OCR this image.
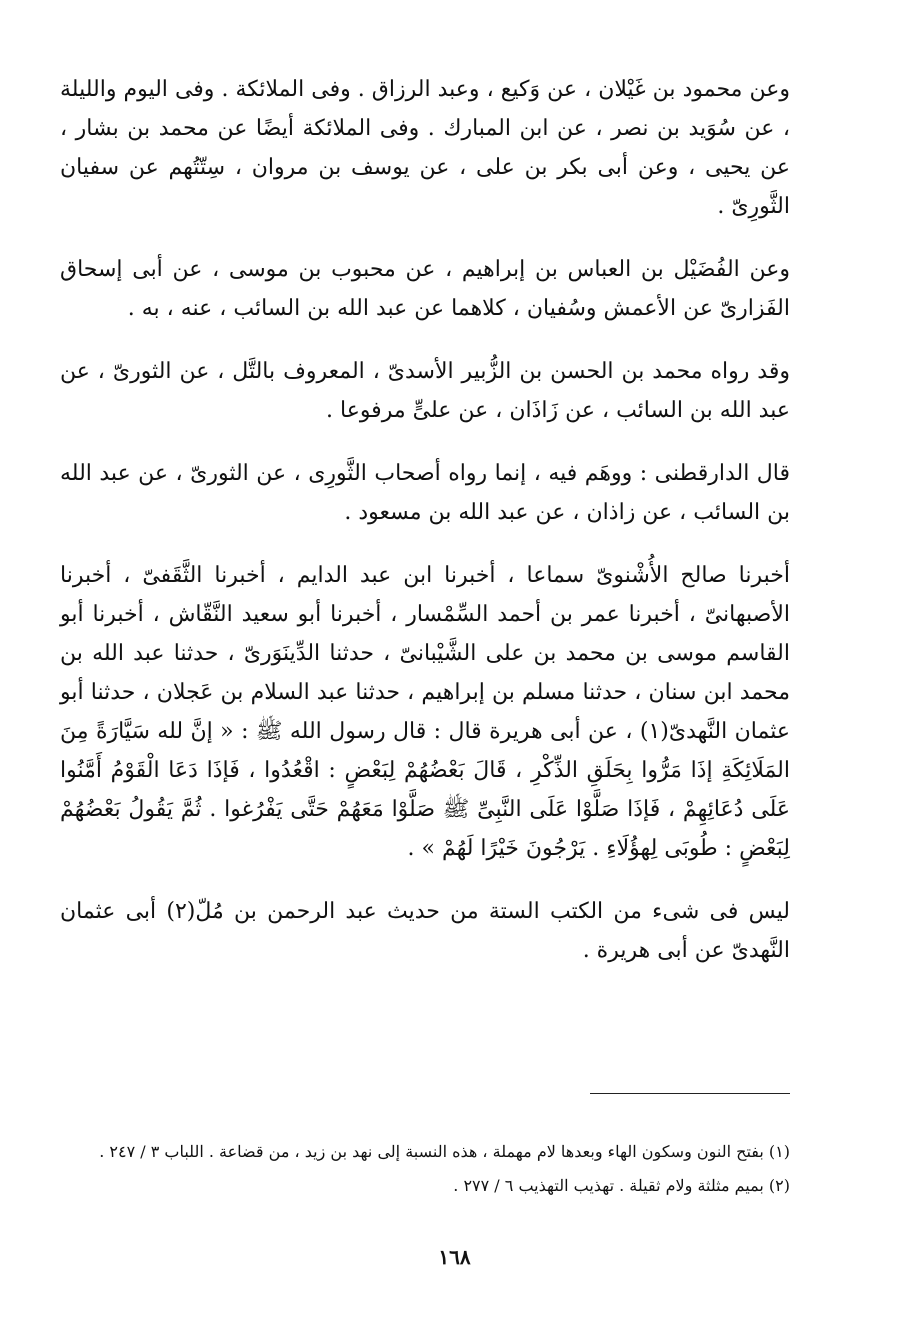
وعن محمود بن غَيْلان ، عن وَكيع ، وعبد الرزاق . وفى الملائكة . وفى اليوم والليلة ، عن سُوَيد بن نصر ، عن ابن المبارك . وفى الملائكة أيضًا عن محمد بن بشار ، عن يحيى ، وعن أبى بكر بن على ، عن يوسف بن مروان ، سِتّتُهم عن سفيان الثَّورِىّ .

وعن الفُضَيْل بن العباس بن إبراهيم ، عن محبوب بن موسى ، عن أبى إسحاق الفَزارىّ عن الأعمش وسُفيان ، كلاهما عن عبد الله بن السائب ، عنه ، به .

وقد رواه محمد بن الحسن بن الزُّبير الأسدىّ ، المعروف بالتَّل ، عن الثورىّ ، عن عبد الله بن السائب ، عن زَاذَان ، عن علىٍّ مرفوعا .

قال الدارقطنى : ووهَم فيه ، إنما رواه أصحاب الثَّورِى ، عن الثورىّ ، عن عبد الله بن السائب ، عن زاذان ، عن عبد الله بن مسعود .

أخبرنا صالح الأُشْنوىّ سماعا ، أخبرنا ابن عبد الدايم ، أخبرنا الثَّقَفىّ ، أخبرنا الأصبهانىّ ، أخبرنا عمر بن أحمد السِّمْسار ، أخبرنا أبو سعيد النَّقّاش ، أخبرنا أبو القاسم موسى بن محمد بن على الشَّيْبانىّ ، حدثنا الدِّينَوَرىّ ، حدثنا عبد الله بن محمد ابن سنان ، حدثنا مسلم بن إبراهيم ، حدثنا عبد السلام بن عَجلان ، حدثنا أبو عثمان النَّهدىّ(١) ، عن أبى هريرة قال : قال رسول الله ﷺ : « إنَّ لله سَيَّارَةً مِنَ المَلَائِكَةِ إذَا مَرُّوا بِحَلَقِ الذِّكْرِ ، قَالَ بَعْضُهُمْ لِبَعْضٍ : اقْعُدُوا ، فَإذَا دَعَا الْقَوْمُ أَمَّنُوا عَلَى دُعَائِهِمْ ، فَإذَا صَلَّوْا عَلَى النَّبِىِّ ﷺ صَلَّوْا مَعَهُمْ حَتَّى يَفْرُغوا . ثُمَّ يَقُولُ بَعْضُهُمْ لِبَعْضٍ : طُوبَى لِهؤُلَاءِ . يَرْجُونَ خَيْرًا لَهُمْ » .

ليس فى شىء من الكتب الستة من حديث عبد الرحمن بن مُلّ(٢) أبى عثمان النَّهدىّ عن أبى هريرة .

(١) بفتح النون وسكون الهاء وبعدها لام مهملة ، هذه النسبة إلى نهد بن زيد ، من قضاعة . اللباب ٣ / ٢٤٧ .
(٢) بميم مثلثة ولام ثقيلة . تهذيب التهذيب ٦ / ٢٧٧ .
١٦٨
